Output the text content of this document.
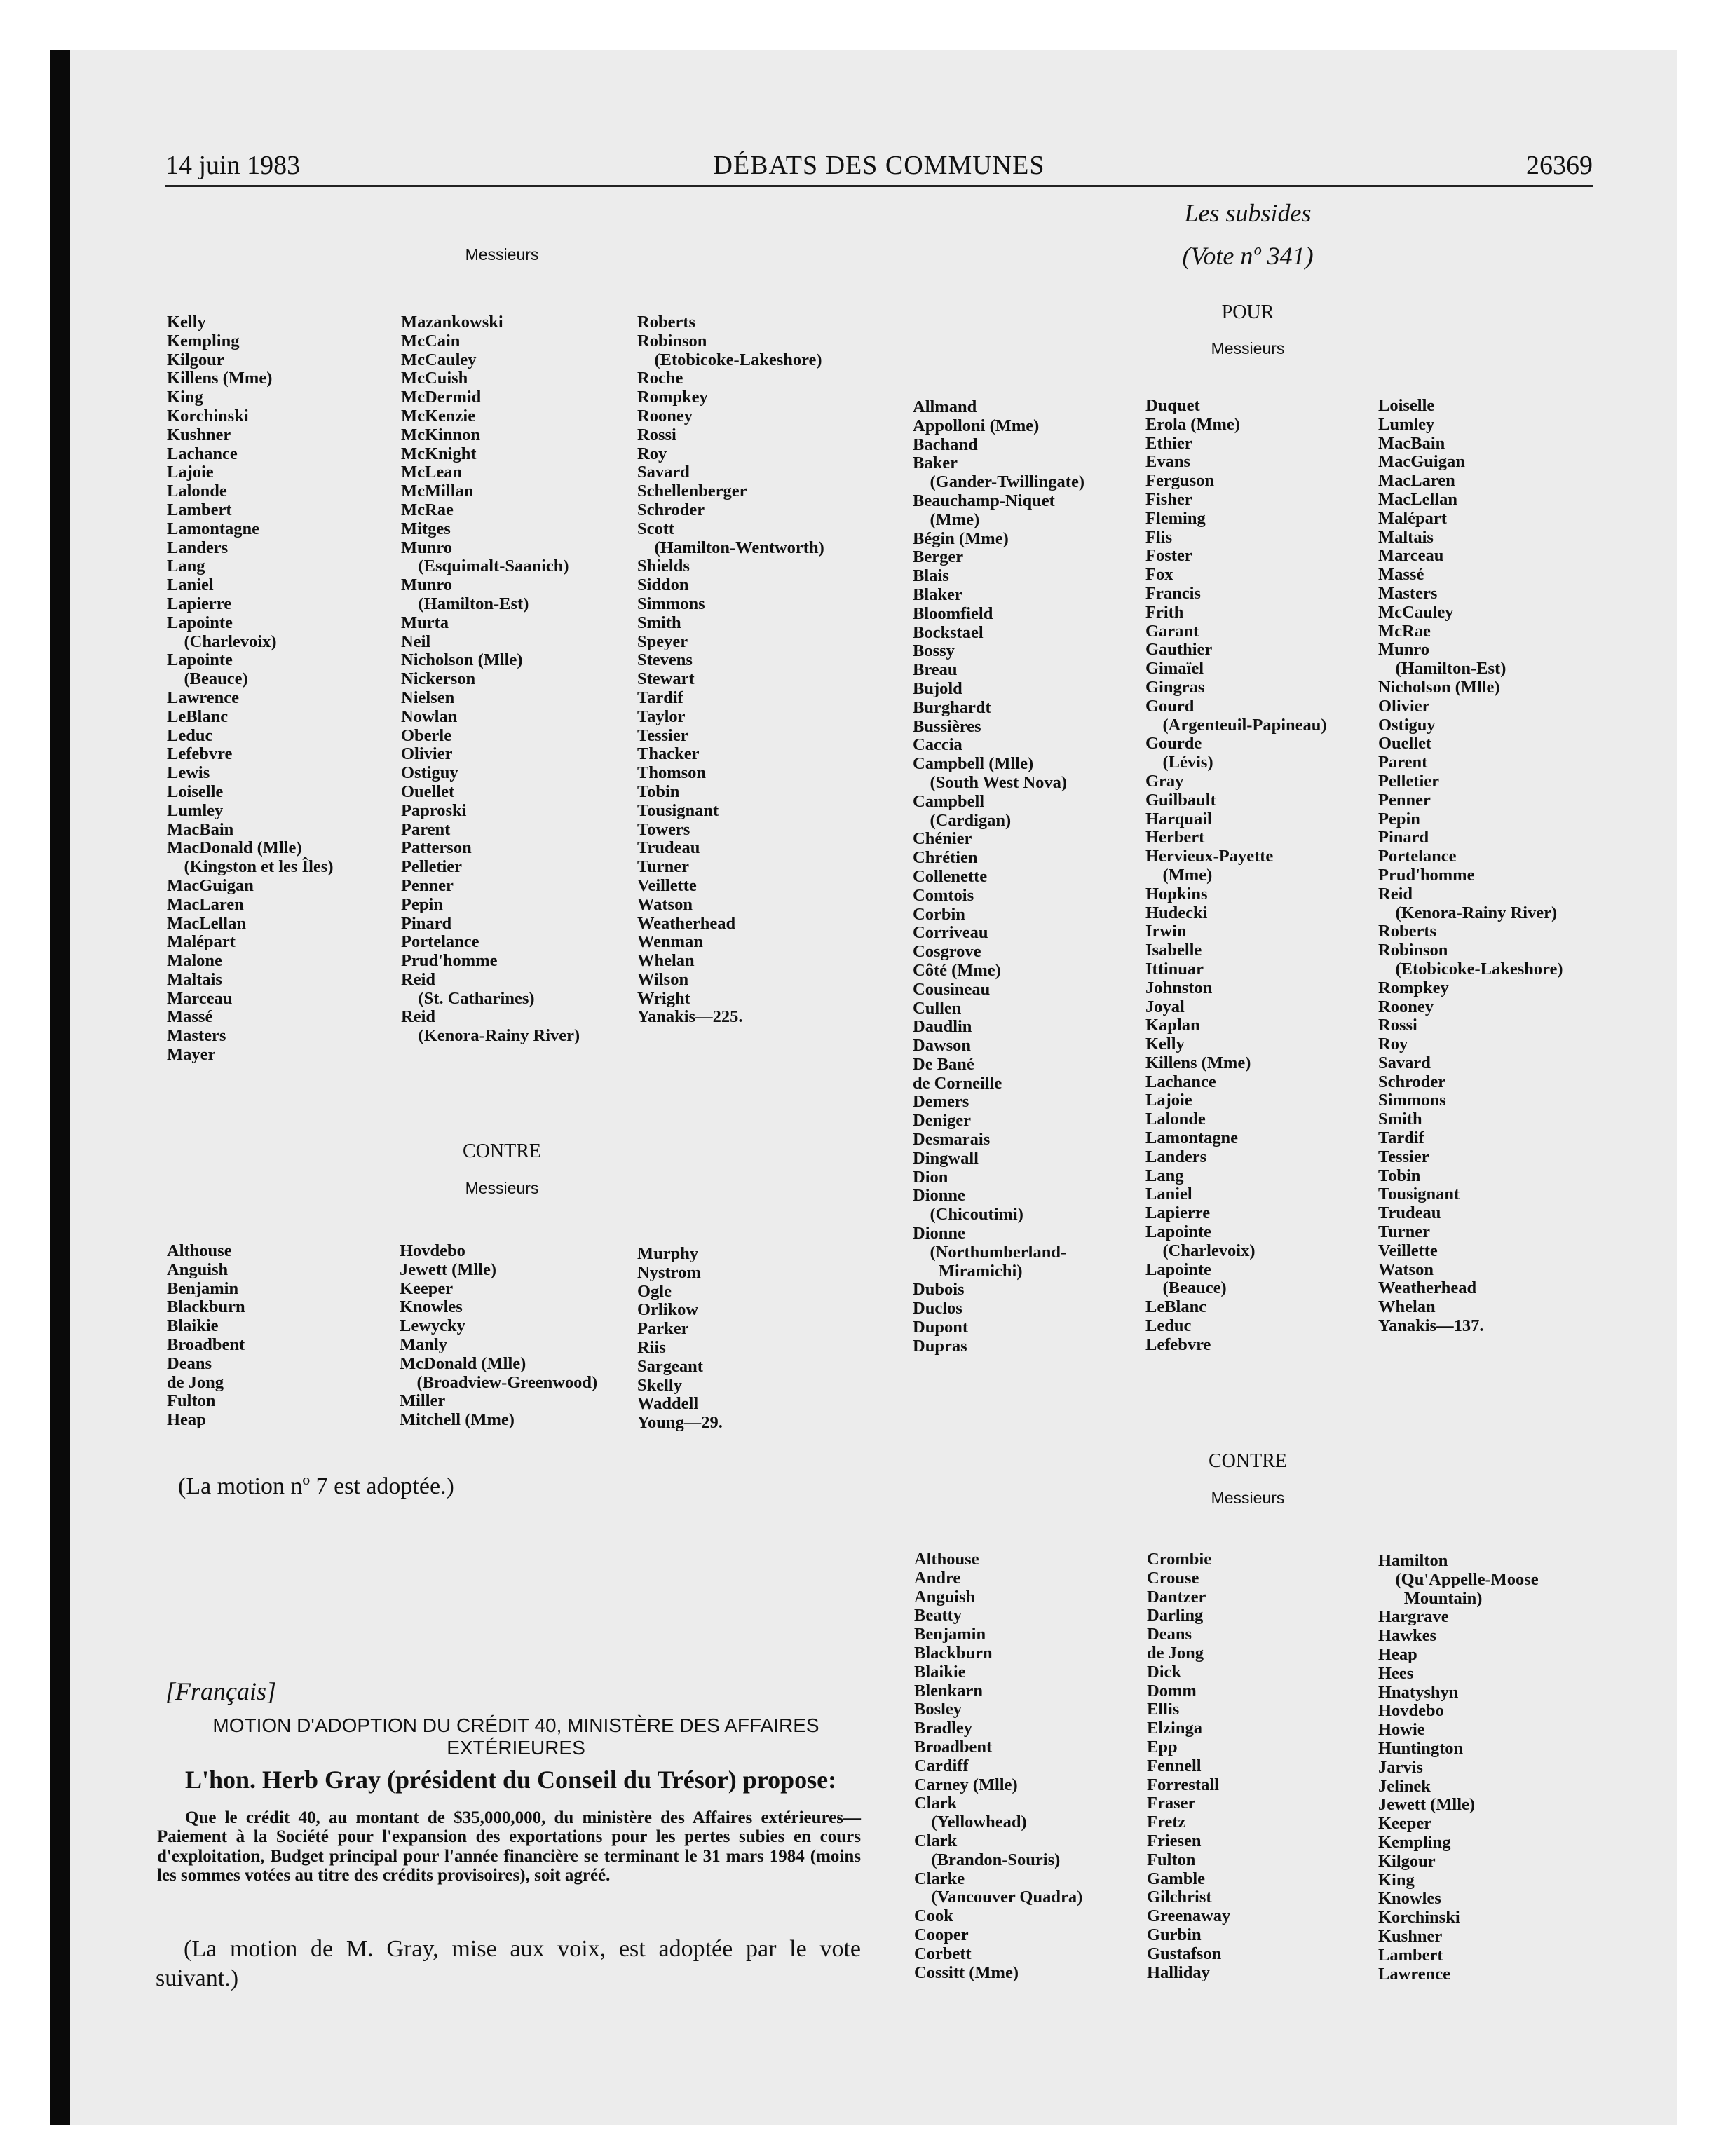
14 juin 1983	DÉBATS DES COMMUNES	26369
Messieurs
Kelly
Kempling
Kilgour
Killens (Mme)
King
Korchinski
Kushner
Lachance
Lajoie
Lalonde
Lambert
Lamontagne
Landers
Lang
Laniel
Lapierre
Lapointe
(Charlevoix)
Lapointe
(Beauce)
Lawrence
LeBlanc
Leduc
Lefebvre
Lewis
Loiselle
Lumley
MacBain
MacDonald (Mlle)
(Kingston et les Îles)
MacGuigan
MacLaren
MacLellan
Malépart
Malone
Maltais
Marceau
Massé
Masters
Mayer
Mazankowski
McCain
McCauley
McCuish
McDermid
McKenzie
McKinnon
McKnight
McLean
McMillan
McRae
Mitges
Munro
(Esquimalt-Saanich)
Munro
(Hamilton-Est)
Murta
Neil
Nicholson (Mlle)
Nickerson
Nielsen
Nowlan
Oberle
Olivier
Ostiguy
Ouellet
Paproski
Parent
Patterson
Pelletier
Penner
Pepin
Pinard
Portelance
Prud'homme
Reid
(St. Catharines)
Reid
(Kenora-Rainy River)
Roberts
Robinson
(Etobicoke-Lakeshore)
Roche
Rompkey
Rooney
Rossi
Roy
Savard
Schellenberger
Schroder
Scott
(Hamilton-Wentworth)
Shields
Siddon
Simmons
Smith
Speyer
Stevens
Stewart
Tardif
Taylor
Tessier
Thacker
Thomson
Tobin
Tousignant
Towers
Trudeau
Turner
Veillette
Watson
Weatherhead
Wenman
Whelan
Wilson
Wright
Yanakis—225.
CONTRE
Messieurs
Althouse
Anguish
Benjamin
Blackburn
Blaikie
Broadbent
Deans
de Jong
Fulton
Heap
Hovdebo
Jewett (Mlle)
Keeper
Knowles
Lewycky
Manly
McDonald (Mlle)
(Broadview-Greenwood)
Miller
Mitchell (Mme)
Murphy
Nystrom
Ogle
Orlikow
Parker
Riis
Sargeant
Skelly
Waddell
Young—29.
(La motion nº 7 est adoptée.)
[Français]
MOTION D'ADOPTION DU CRÉDIT 40, MINISTÈRE DES AFFAIRES
EXTÉRIEURES
L'hon. Herb Gray (président du Conseil du Trésor) propose:
Que le crédit 40, au montant de $35,000,000, du ministère des Affaires extérieures—Paiement à la Société pour l'expansion des exportations pour les pertes subies en cours d'exploitation, Budget principal pour l'année financière se terminant le 31 mars 1984 (moins les sommes votées au titre des crédits provisoires), soit agréé.
(La motion de M. Gray, mise aux voix, est adoptée par le vote suivant.)
Les subsides
(Vote nº 341)
POUR
Messieurs
Allmand
Appolloni (Mme)
Bachand
Baker
(Gander-Twillingate)
Beauchamp-Niquet
(Mme)
Bégin (Mme)
Berger
Blais
Blaker
Bloomfield
Bockstael
Bossy
Breau
Bujold
Burghardt
Bussières
Caccia
Campbell (Mlle)
(South West Nova)
Campbell
(Cardigan)
Chénier
Chrétien
Collenette
Comtois
Corbin
Corriveau
Cosgrove
Côté (Mme)
Cousineau
Cullen
Daudlin
Dawson
De Bané
de Corneille
Demers
Deniger
Desmarais
Dingwall
Dion
Dionne
(Chicoutimi)
Dionne
(Northumberland-
Miramichi)
Dubois
Duclos
Dupont
Dupras
Duquet
Erola (Mme)
Ethier
Evans
Ferguson
Fisher
Fleming
Flis
Foster
Fox
Francis
Frith
Garant
Gauthier
Gimaïel
Gingras
Gourd
(Argenteuil-Papineau)
Gourde
(Lévis)
Gray
Guilbault
Harquail
Herbert
Hervieux-Payette
(Mme)
Hopkins
Hudecki
Irwin
Isabelle
Ittinuar
Johnston
Joyal
Kaplan
Kelly
Killens (Mme)
Lachance
Lajoie
Lalonde
Lamontagne
Landers
Lang
Laniel
Lapierre
Lapointe
(Charlevoix)
Lapointe
(Beauce)
LeBlanc
Leduc
Lefebvre
Loiselle
Lumley
MacBain
MacGuigan
MacLaren
MacLellan
Malépart
Maltais
Marceau
Massé
Masters
McCauley
McRae
Munro
(Hamilton-Est)
Nicholson (Mlle)
Olivier
Ostiguy
Ouellet
Parent
Pelletier
Penner
Pepin
Pinard
Portelance
Prud'homme
Reid
(Kenora-Rainy River)
Roberts
Robinson
(Etobicoke-Lakeshore)
Rompkey
Rooney
Rossi
Roy
Savard
Schroder
Simmons
Smith
Tardif
Tessier
Tobin
Tousignant
Trudeau
Turner
Veillette
Watson
Weatherhead
Whelan
Yanakis—137.
CONTRE
Messieurs
Althouse
Andre
Anguish
Beatty
Benjamin
Blackburn
Blaikie
Blenkarn
Bosley
Bradley
Broadbent
Cardiff
Carney (Mlle)
Clark
(Yellowhead)
Clark
(Brandon-Souris)
Clarke
(Vancouver Quadra)
Cook
Cooper
Corbett
Cossitt (Mme)
Crombie
Crouse
Dantzer
Darling
Deans
de Jong
Dick
Domm
Ellis
Elzinga
Epp
Fennell
Forrestall
Fraser
Fretz
Friesen
Fulton
Gamble
Gilchrist
Greenaway
Gurbin
Gustafson
Halliday
Hamilton
(Qu'Appelle-Moose
Mountain)
Hargrave
Hawkes
Heap
Hees
Hnatyshyn
Hovdebo
Howie
Huntington
Jarvis
Jelinek
Jewett (Mlle)
Keeper
Kempling
Kilgour
King
Knowles
Korchinski
Kushner
Lambert
Lawrence
